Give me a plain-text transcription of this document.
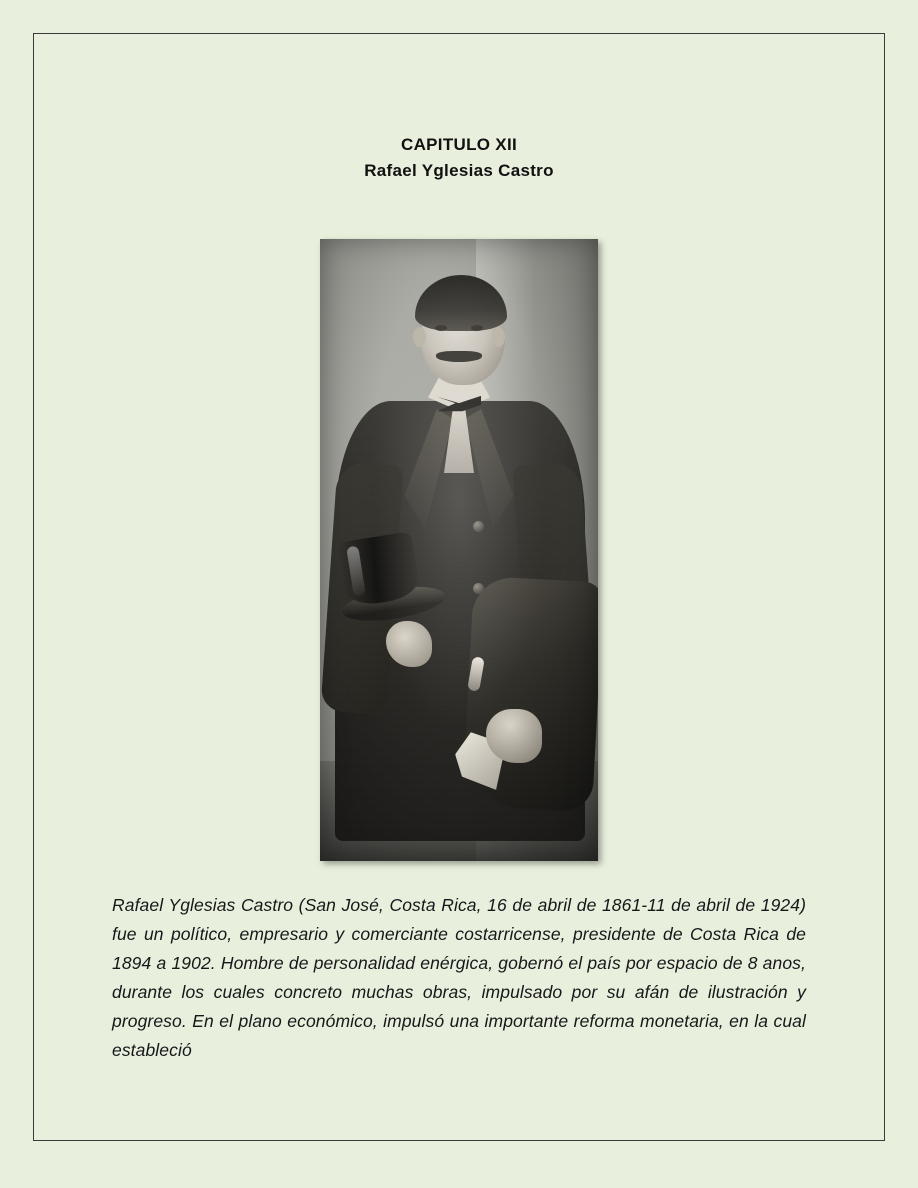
CAPITULO XII
Rafael Yglesias Castro

Rafael Yglesias Castro (San José, Costa Rica, 16 de abril de 1861-11 de abril de 1924) fue un político, empresario y comerciante costarricense, presidente de Costa Rica de 1894 a 1902. Hombre de personalidad enérgica, gobernó el país por espacio de 8 anos, durante los cuales concreto muchas obras, impulsado por su afán de ilustración y progreso. En el plano económico, impulsó una importante reforma monetaria, en la cual estableció
